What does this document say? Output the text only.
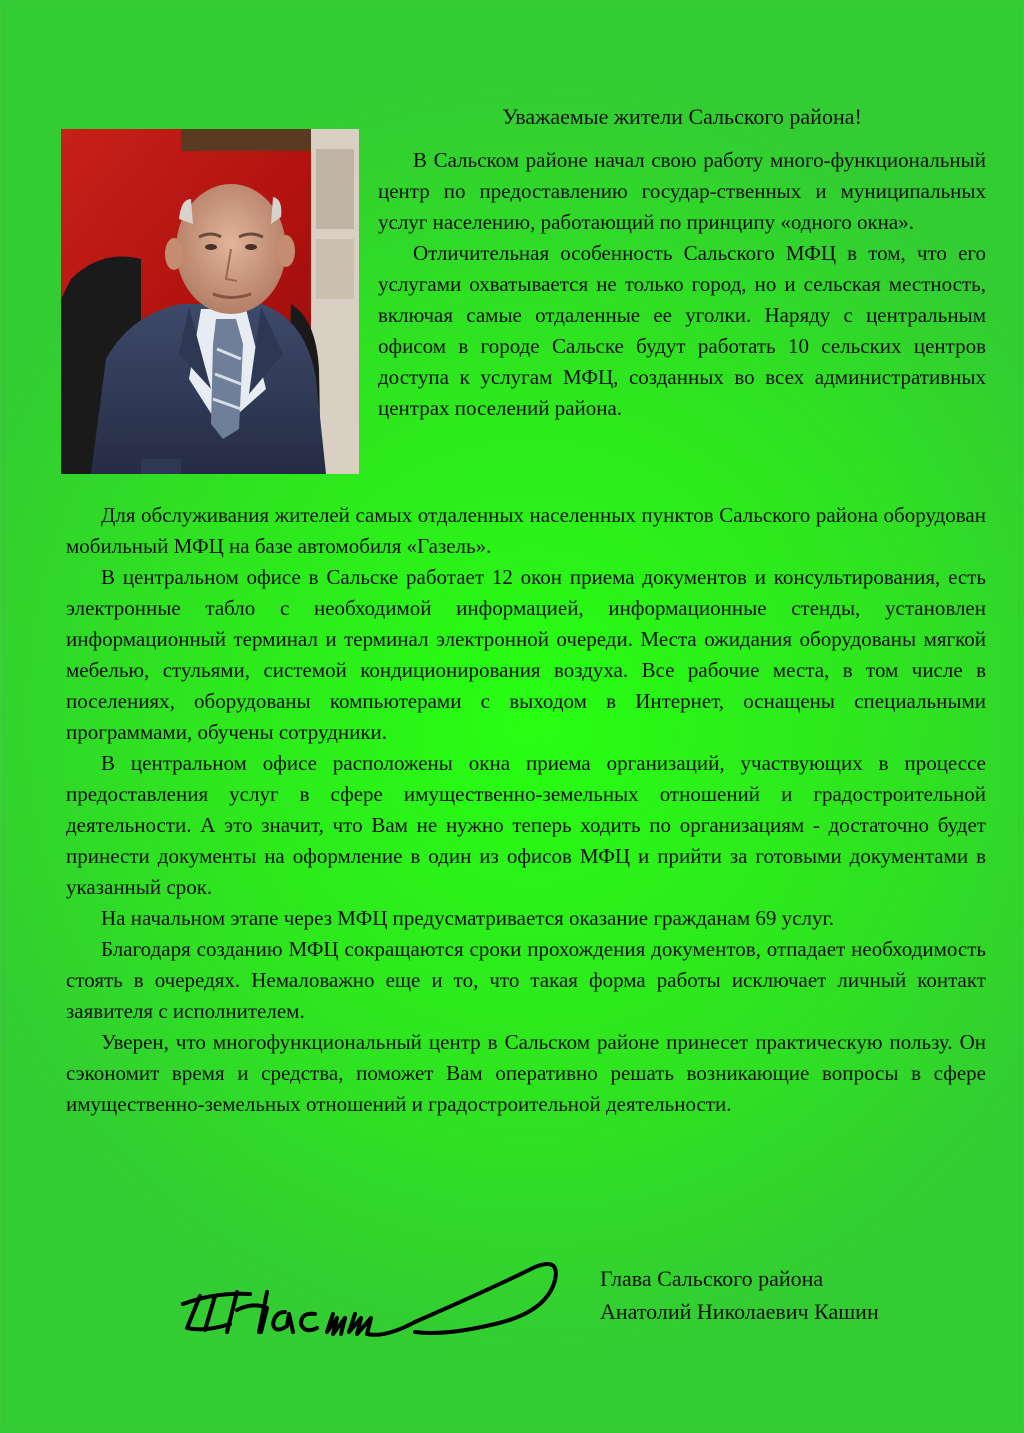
Уважаемые жители Сальского района!

В Сальском районе начал свою работу много-функциональный центр по предоставлению государ-ственных и муниципальных услуг населению, работающий по принципу «одного окна».

Отличительная особенность Сальского МФЦ в том, что его услугами охватывается не только город, но и сельская местность, включая самые отдаленные ее уголки. Наряду с центральным офисом в городе Сальске будут работать 10 сельских центров доступа к услугам МФЦ, созданных во всех административных центрах поселений района.

Для обслуживания жителей самых отдаленных населенных пунктов Сальского района оборудован мобильный МФЦ на базе автомобиля «Газель».

В центральном офисе в Сальске работает 12 окон приема документов и консультирования, есть электронные табло с необходимой информацией, информационные стенды, установлен информационный терминал и терминал электронной очереди. Места ожидания оборудованы мягкой мебелью, стульями, системой кондиционирования воздуха. Все рабочие места, в том числе в поселениях, оборудованы компьютерами с выходом в Интернет, оснащены специальными программами, обучены сотрудники.

В центральном офисе расположены окна приема организаций, участвующих в процессе предоставления услуг в сфере имущественно-земельных отношений и градостроительной деятельности. А это значит, что Вам не нужно теперь ходить по организациям - достаточно будет принести документы на оформление в один из офисов МФЦ и прийти за готовыми документами в указанный срок.

На начальном этапе через МФЦ предусматривается оказание гражданам 69 услуг.

Благодаря созданию МФЦ сокращаются сроки прохождения документов, отпадает необходимость стоять в очередях. Немаловажно еще и то, что такая форма работы исключает личный контакт заявителя с исполнителем.

Уверен, что многофункциональный центр в Сальском районе принесет практическую пользу. Он сэкономит время и средства, поможет Вам оперативно решать возникающие вопросы в сфере имущественно-земельных отношений и градостроительной деятельности.

Глава Сальского района
Анатолий Николаевич Кашин
